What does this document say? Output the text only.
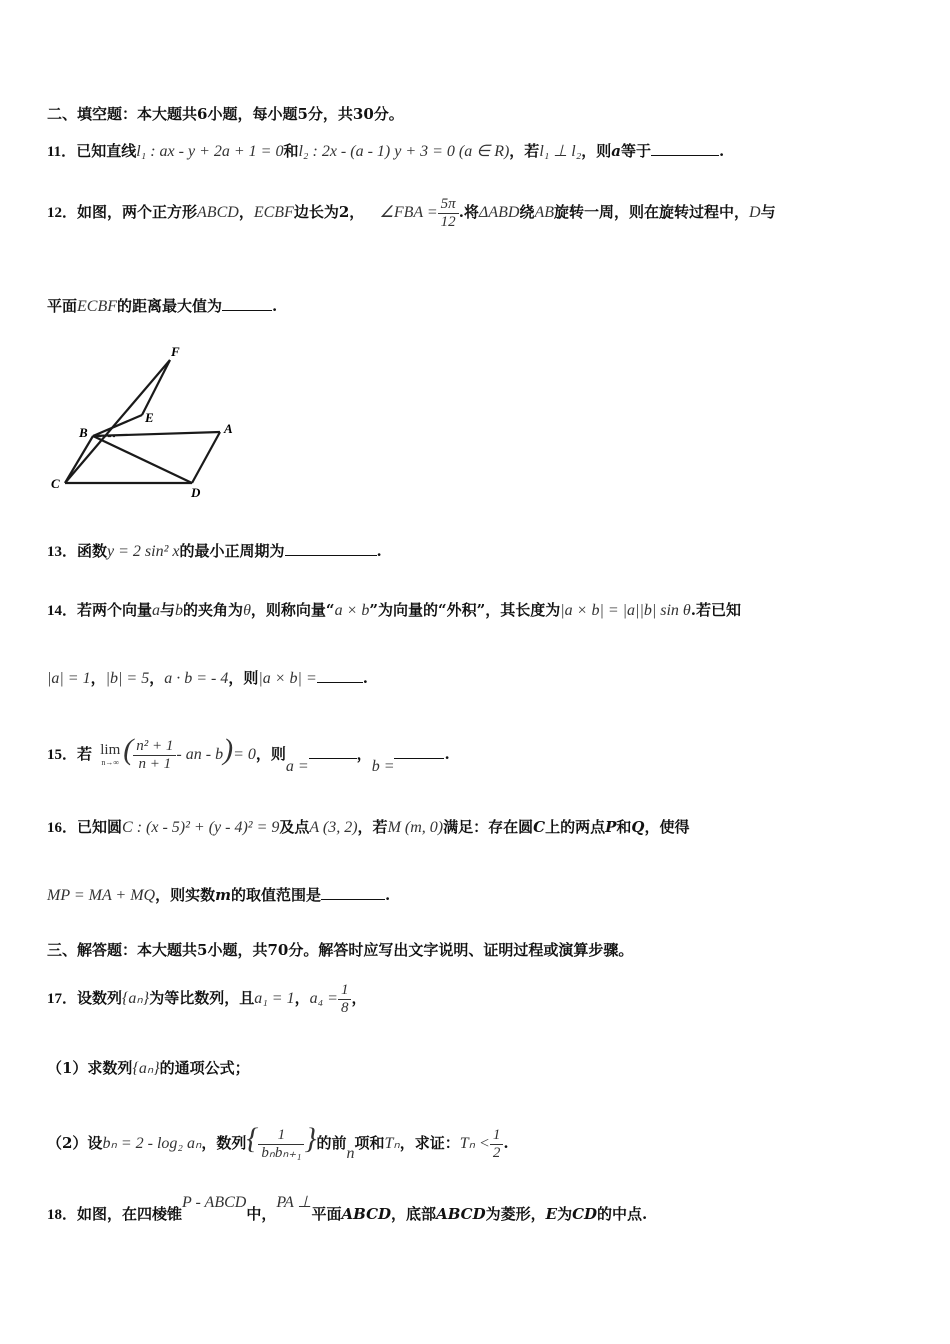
二、填空题：本大题共6小题，每小题5分，共30分。
11．已知直线l₁ : ax - y + 2a + 1 = 0和l₂ : 2x - (a - 1) y + 3 = 0 (a ∈ R)，若l₁ ⊥ l₂，则a等于	.
12．如图，两个正方形ABCD，ECBF边长为2， ∠FBA = $\frac{5\pi}{12}$ .将ΔABD绕AB旋转一周，则在旋转过程中，D与
平面ECBF的距离最大值为	.
F
E
B	A
C
D
13．函数y = 2 sin² x的最小正周期为	.
14．若两个向量a与b的夹角为θ，则称向量“a × b”为向量的“外积”，其长度为|a × b| = |a||b| sin θ.若已知
|a| = 1，|b| = 5，a · b = - 4，则|a × b| =	.
15．若 lim
n→∞ ( $\frac{\text{n² + 1}}{n + 1}$ - an - b)= 0，则a =，b =.
16．已知圆C : (x - 5)² + (y - 4)² = 9及点A (3, 2)，若M (m, 0)满足：存在圆C上的两点P和Q，使得
MP = MA + MQ，则实数m的取值范围是	.
三、解答题：本大题共5小题，共70分。解答时应写出文字说明、证明过程或演算步骤。
17．设数列{aₙ}为等比数列，且a₁ = 1，$a_4 = \frac{1}{8}$ ，
（1）求数列{aₙ}的通项公式；
（2）设bₙ = 2 - log₂ aₙ，数列{ $\frac{1}{\text{bₙbₙ₊₁}}$ }的前n项和Tₙ，求证：$T_n < \frac{1}{2}$ .
18．如图，在四棱锥P - ABCD中，PA ⊥平面ABCD，底部ABCD为菱形，E为CD的中点.
